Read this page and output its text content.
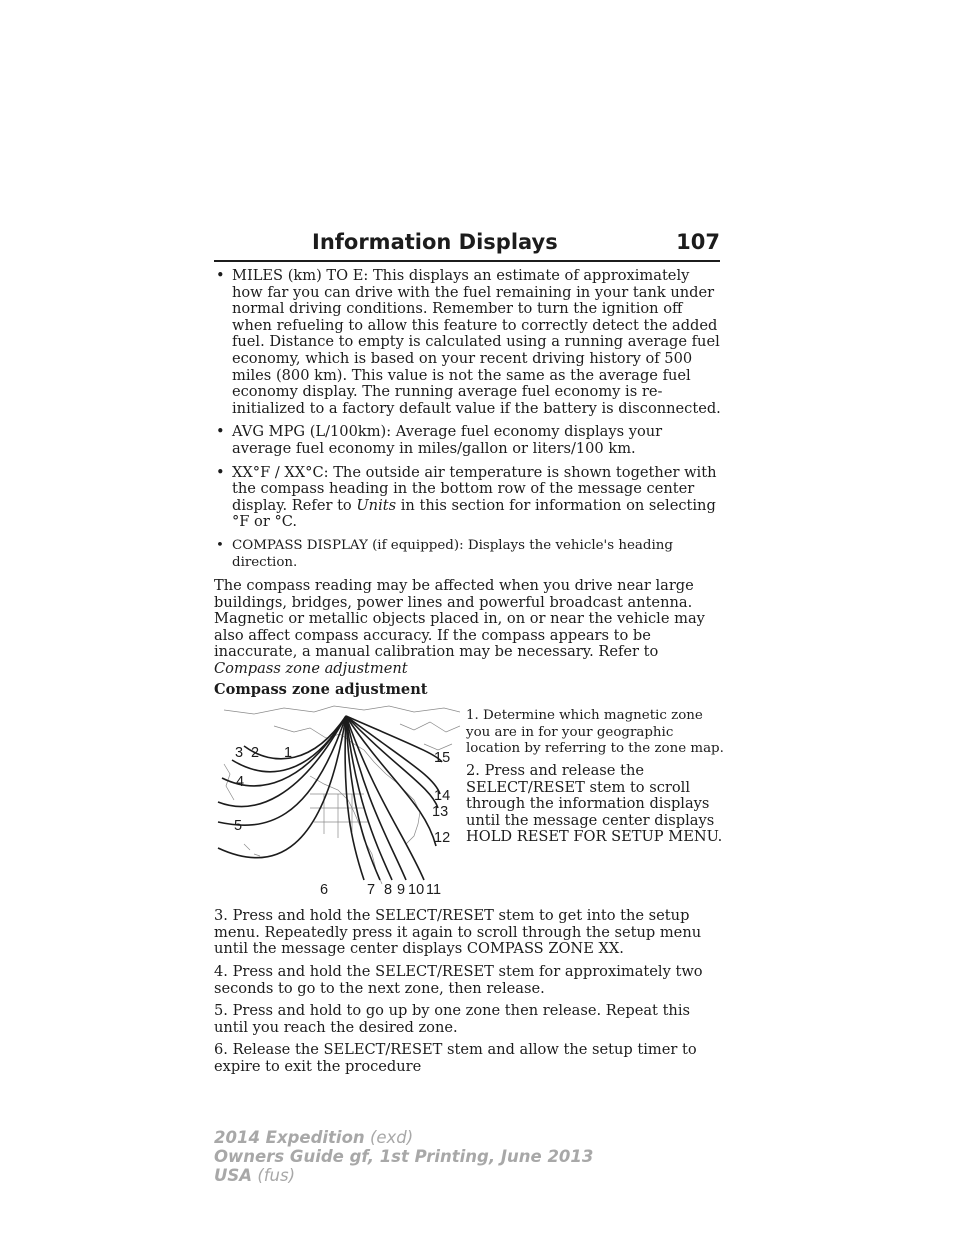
Information Displays	107
• MILES (km) TO E: This displays an estimate of approximately how far you can drive with the fuel remaining in your tank under normal driving conditions. Remember to turn the ignition off when refueling to allow this feature to correctly detect the added fuel. Distance to empty is calculated using a running average fuel economy, which is based on your recent driving history of 500 miles (800 km). This value is not the same as the average fuel economy display. The running average fuel economy is re-initialized to a factory default value if the battery is disconnected.
• AVG MPG (L/100km): Average fuel economy displays your average fuel economy in miles/gallon or liters/100 km.
• XX°F / XX°C: The outside air temperature is shown together with the compass heading in the bottom row of the message center display. Refer to Units in this section for information on selecting °F or °C.
• COMPASS DISPLAY (if equipped): Displays the vehicle's heading direction.

The compass reading may be affected when you drive near large buildings, bridges, power lines and powerful broadcast antenna. Magnetic or metallic objects placed in, on or near the vehicle may also affect compass accuracy. If the compass appears to be inaccurate, a manual calibration may be necessary. Refer to Compass zone adjustment

Compass zone adjustment

1
2
3
4
5
6	7 8 9 10 11
12
13
14
15

1. Determine which magnetic zone you are in for your geographic location by referring to the zone map.

2. Press and release the SELECT/RESET stem to scroll through the information displays until the message center displays HOLD RESET FOR SETUP MENU.

3. Press and hold the SELECT/RESET stem to get into the setup menu. Repeatedly press it again to scroll through the setup menu until the message center displays COMPASS ZONE XX.

4. Press and hold the SELECT/RESET stem for approximately two seconds to go to the next zone, then release.

5. Press and hold to go up by one zone then release. Repeat this until you reach the desired zone.

6. Release the SELECT/RESET stem and allow the setup timer to expire to exit the procedure

2014 Expedition (exd)
Owners Guide gf, 1st Printing, June 2013
USA (fus)
